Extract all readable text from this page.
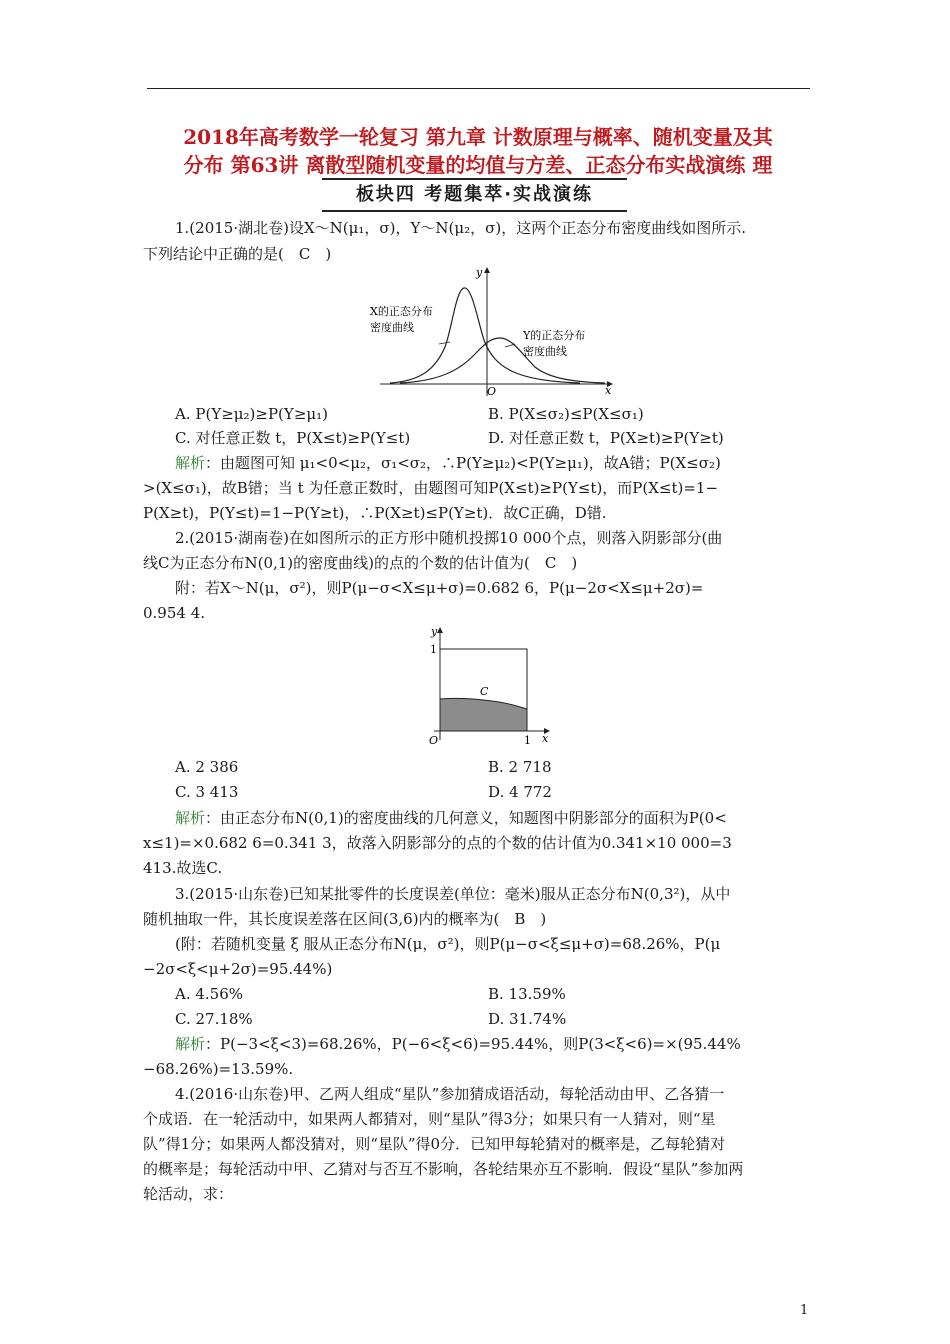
2018年高考数学一轮复习 第九章 计数原理与概率、随机变量及其
分布 第63讲 离散型随机变量的均值与方差、正态分布实战演练 理
板块四 考题集萃·实战演练
1.(2015·湖北卷)设X～N(μ₁，σ)，Y～N(μ₂，σ)，这两个正态分布密度曲线如图所示.
下列结论中正确的是(　C　)
y
x
O
X的正态分布
密度曲线
Y的正态分布
密度曲线
A. P(Y≥μ₂)≥P(Y≥μ₁)	B. P(X≤σ₂)≤P(X≤σ₁)
C. 对任意正数 t，P(X≤t)≥P(Y≤t)	D. 对任意正数 t，P(X≥t)≥P(Y≥t)
解析：由题图可知 μ₁<0<μ₂，σ₁<σ₂，∴P(Y≥μ₂)<P(Y≥μ₁)，故A错；P(X≤σ₂)
>(X≤σ₁)，故B错；当 t 为任意正数时，由题图可知P(X≤t)≥P(Y≤t)，而P(X≤t)=1−
P(X≥t)，P(Y≤t)=1−P(Y≥t)，∴P(X≥t)≤P(Y≥t)．故C正确，D错.
2.(2015·湖南卷)在如图所示的正方形中随机投掷10 000个点，则落入阴影部分(曲
线C为正态分布N(0,1)的密度曲线)的点的个数的估计值为(　C　)
附：若X～N(μ，σ²)，则P(μ−σ<X≤μ+σ)=0.682 6，P(μ−2σ<X≤μ+2σ)=
0.954 4.
y
x
O
1
1
C
A. 2 386	B. 2 718
C. 3 413	D. 4 772
解析：由正态分布N(0,1)的密度曲线的几何意义，知题图中阴影部分的面积为P(0<
x≤1)=×0.682 6=0.341 3，故落入阴影部分的点的个数的估计值为0.341×10 000=3
413.故选C.
3.(2015·山东卷)已知某批零件的长度误差(单位：毫米)服从正态分布N(0,3²)，从中
随机抽取一件，其长度误差落在区间(3,6)内的概率为(　B　)
(附：若随机变量 ξ 服从正态分布N(μ，σ²)，则P(μ−σ<ξ≤μ+σ)=68.26%，P(μ
−2σ<ξ<μ+2σ)=95.44%)
A. 4.56%	B. 13.59%
C. 27.18%	D. 31.74%
解析：P(−3<ξ<3)=68.26%，P(−6<ξ<6)=95.44%，则P(3<ξ<6)=×(95.44%
−68.26%)=13.59%.
4.(2016·山东卷)甲、乙两人组成“星队”参加猜成语活动，每轮活动由甲、乙各猜一
个成语．在一轮活动中，如果两人都猜对，则“星队”得3分；如果只有一人猜对，则“星
队”得1分；如果两人都没猜对，则“星队”得0分．已知甲每轮猜对的概率是，乙每轮猜对
的概率是；每轮活动中甲、乙猜对与否互不影响，各轮结果亦互不影响．假设“星队”参加两
轮活动，求：
1
